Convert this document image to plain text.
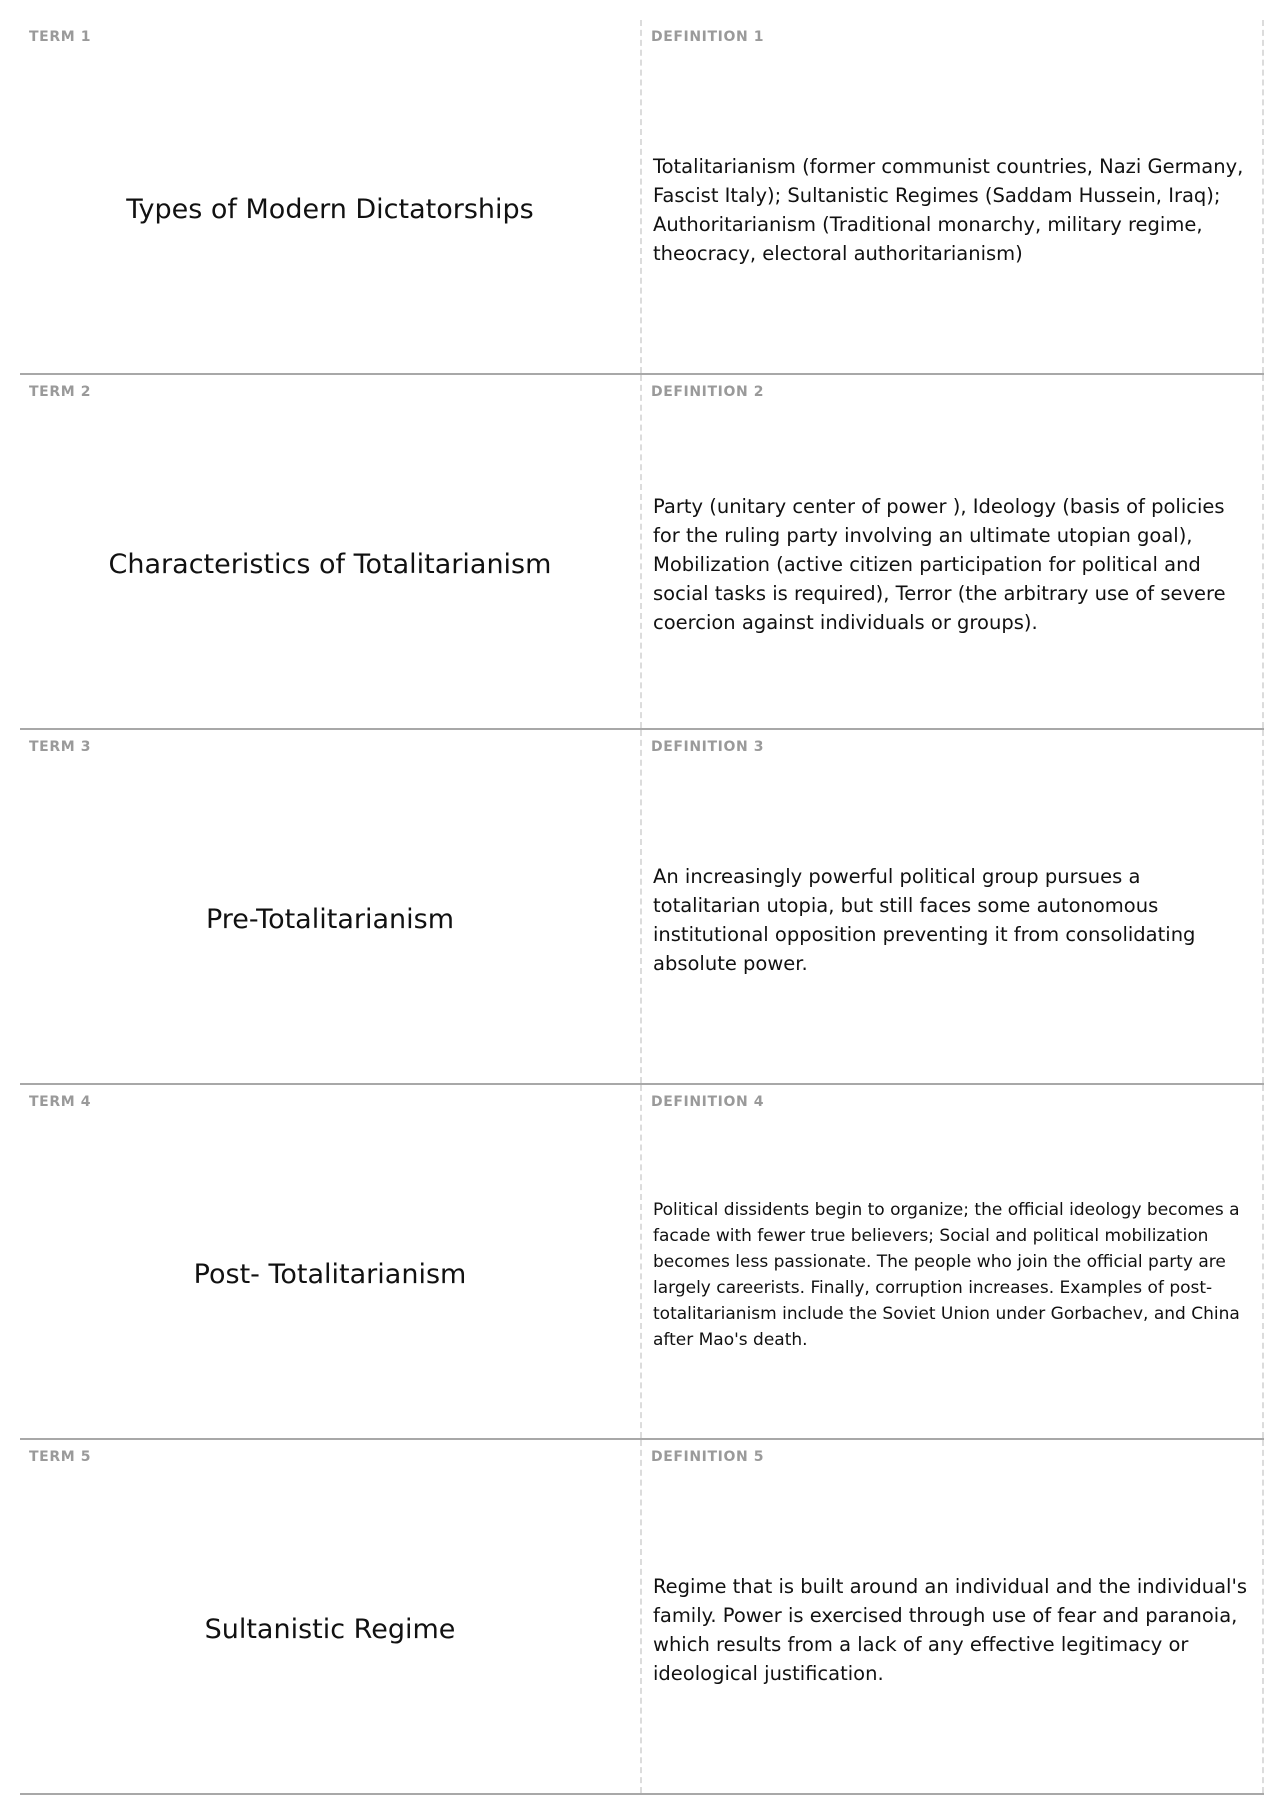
TERM 1
Types of Modern Dictatorships
DEFINITION 1
Totalitarianism (former communist countries, Nazi Germany, Fascist Italy); Sultanistic Regimes (Saddam Hussein, Iraq); Authoritarianism (Traditional monarchy, military regime, theocracy, electoral authoritarianism)
TERM 2
Characteristics of Totalitarianism
DEFINITION 2
Party (unitary center of power ), Ideology (basis of policies for the ruling party involving an ultimate utopian goal), Mobilization (active citizen participation for political and social tasks is required), Terror (the arbitrary use of severe coercion against individuals or groups).
TERM 3
Pre-Totalitarianism
DEFINITION 3
An increasingly powerful political group pursues a totalitarian utopia, but still faces some autonomous institutional opposition preventing it from consolidating absolute power.
TERM 4
Post- Totalitarianism
DEFINITION 4
Political dissidents begin to organize; the official ideology becomes a facade with fewer true believers; Social and political mobilization becomes less passionate. The people who join the official party are largely careerists. Finally, corruption increases. Examples of post-totalitarianism include the Soviet Union under Gorbachev, and China after Mao's death.
TERM 5
Sultanistic Regime
DEFINITION 5
Regime that is built around an individual and the individual's family. Power is exercised through use of fear and paranoia, which results from a lack of any effective legitimacy or ideological justification.
